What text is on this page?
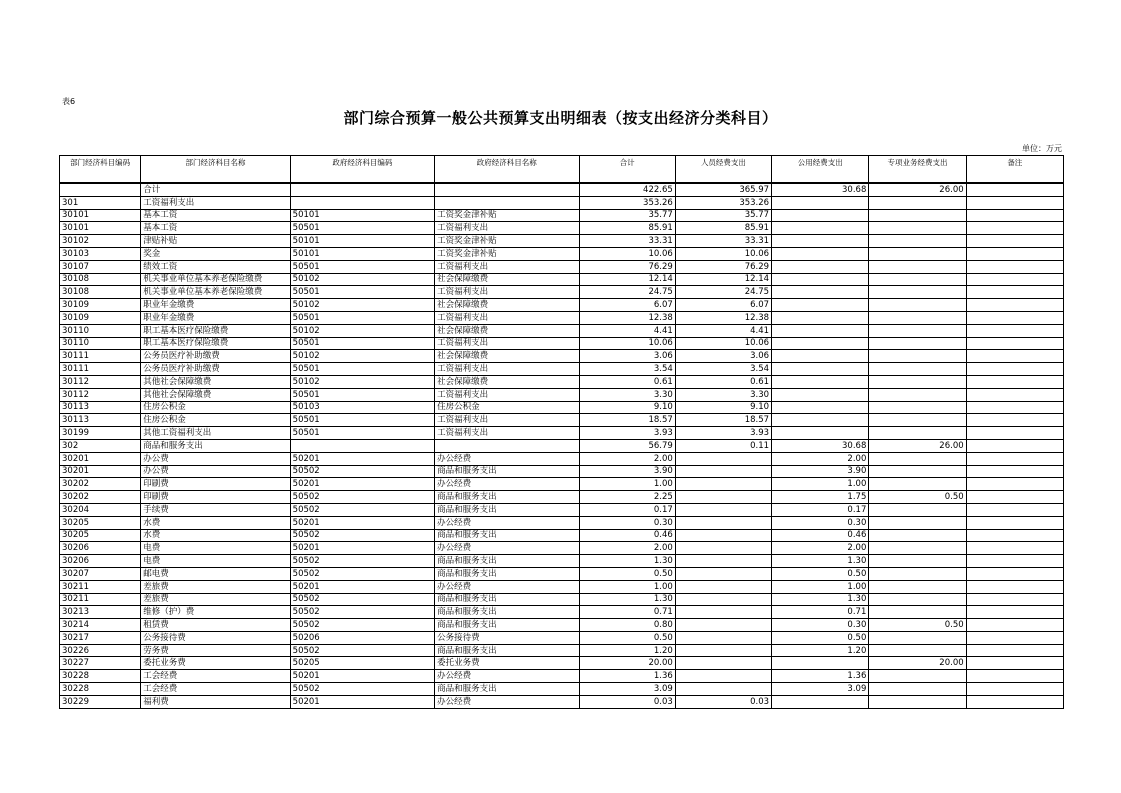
表6
部门综合预算一般公共预算支出明细表（按支出经济分类科目）
单位：万元
部门经济科目编码	部门经济科目名称	政府经济科目编码	政府经济科目名称	合计	人员经费支出	公用经费支出	专项业务经费支出	备注
	合计			422.65	365.97	30.68	26.00	
301	工资福利支出			353.26	353.26			
30101	基本工资	50101	工资奖金津补贴	35.77	35.77			
30101	基本工资	50501	工资福利支出	85.91	85.91			
30102	津贴补贴	50101	工资奖金津补贴	33.31	33.31			
30103	奖金	50101	工资奖金津补贴	10.06	10.06			
30107	绩效工资	50501	工资福利支出	76.29	76.29			
30108	机关事业单位基本养老保险缴费	50102	社会保障缴费	12.14	12.14			
30108	机关事业单位基本养老保险缴费	50501	工资福利支出	24.75	24.75			
30109	职业年金缴费	50102	社会保障缴费	6.07	6.07			
30109	职业年金缴费	50501	工资福利支出	12.38	12.38			
30110	职工基本医疗保险缴费	50102	社会保障缴费	4.41	4.41			
30110	职工基本医疗保险缴费	50501	工资福利支出	10.06	10.06			
30111	公务员医疗补助缴费	50102	社会保障缴费	3.06	3.06			
30111	公务员医疗补助缴费	50501	工资福利支出	3.54	3.54			
30112	其他社会保障缴费	50102	社会保障缴费	0.61	0.61			
30112	其他社会保障缴费	50501	工资福利支出	3.30	3.30			
30113	住房公积金	50103	住房公积金	9.10	9.10			
30113	住房公积金	50501	工资福利支出	18.57	18.57			
30199	其他工资福利支出	50501	工资福利支出	3.93	3.93			
302	商品和服务支出			56.79	0.11	30.68	26.00	
30201	办公费	50201	办公经费	2.00		2.00		
30201	办公费	50502	商品和服务支出	3.90		3.90		
30202	印刷费	50201	办公经费	1.00		1.00		
30202	印刷费	50502	商品和服务支出	2.25		1.75	0.50	
30204	手续费	50502	商品和服务支出	0.17		0.17		
30205	水费	50201	办公经费	0.30		0.30		
30205	水费	50502	商品和服务支出	0.46		0.46		
30206	电费	50201	办公经费	2.00		2.00		
30206	电费	50502	商品和服务支出	1.30		1.30		
30207	邮电费	50502	商品和服务支出	0.50		0.50		
30211	差旅费	50201	办公经费	1.00		1.00		
30211	差旅费	50502	商品和服务支出	1.30		1.30		
30213	维修（护）费	50502	商品和服务支出	0.71		0.71		
30214	租赁费	50502	商品和服务支出	0.80		0.30	0.50	
30217	公务接待费	50206	公务接待费	0.50		0.50		
30226	劳务费	50502	商品和服务支出	1.20		1.20		
30227	委托业务费	50205	委托业务费	20.00			20.00	
30228	工会经费	50201	办公经费	1.36		1.36		
30228	工会经费	50502	商品和服务支出	3.09		3.09		
30229	福利费	50201	办公经费	0.03	0.03			
